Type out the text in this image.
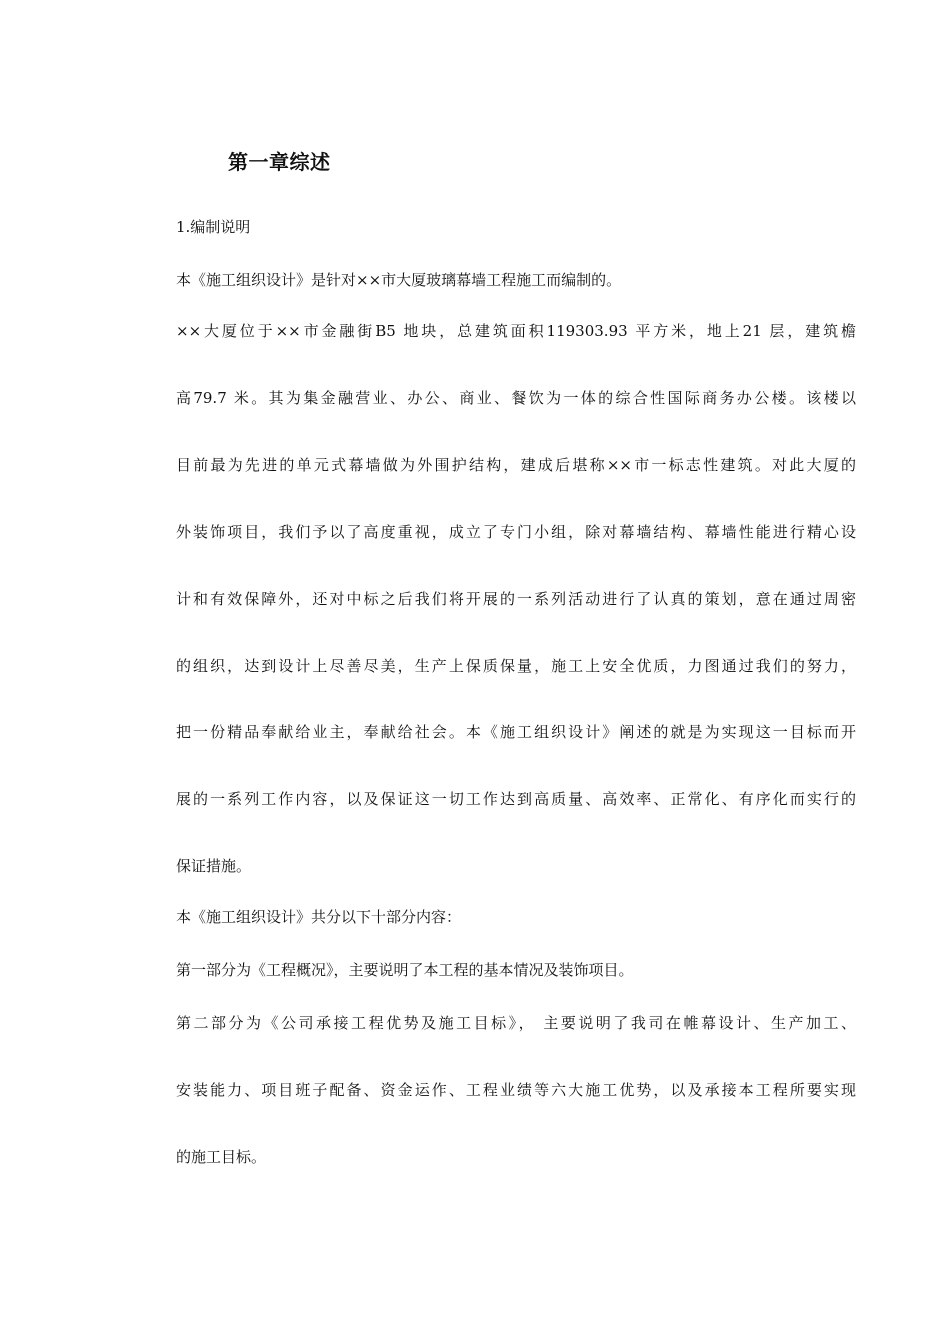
第一章综述

1.编制说明

本《施工组织设计》是针对××市大厦玻璃幕墙工程施工而编制的。

××大厦位于××市金融街B5 地块，总建筑面积119303.93 平方米，地上21 层，建筑檐

高79.7 米。其为集金融营业、办公、商业、餐饮为一体的综合性国际商务办公楼。该楼以

目前最为先进的单元式幕墙做为外围护结构，建成后堪称××市一标志性建筑。对此大厦的

外装饰项目，我们予以了高度重视，成立了专门小组，除对幕墙结构、幕墙性能进行精心设

计和有效保障外，还对中标之后我们将开展的一系列活动进行了认真的策划，意在通过周密

的组织，达到设计上尽善尽美，生产上保质保量，施工上安全优质，力图通过我们的努力，

把一份精品奉献给业主，奉献给社会。本《施工组织设计》阐述的就是为实现这一目标而开

展的一系列工作内容，以及保证这一切工作达到高质量、高效率、正常化、有序化而实行的

保证措施。

本《施工组织设计》共分以下十部分内容：

第一部分为《工程概况》，主要说明了本工程的基本情况及装饰项目。

第二部分为《公司承接工程优势及施工目标》， 主要说明了我司在帷幕设计、生产加工、

安装能力、项目班子配备、资金运作、工程业绩等六大施工优势，以及承接本工程所要实现

的施工目标。
